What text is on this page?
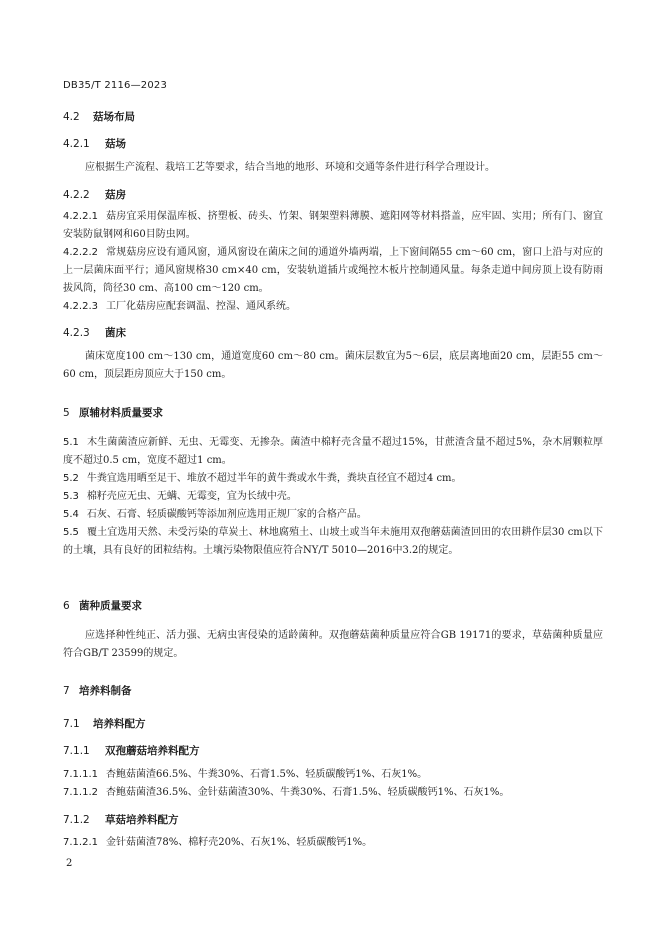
DB35/T 2116—2023
4.2 菇场布局
4.2.1 菇场
应根据生产流程、栽培工艺等要求，结合当地的地形、环境和交通等条件进行科学合理设计。
4.2.2 菇房
4.2.2.1 菇房宜采用保温库板、挤塑板、砖头、竹架、钢架塑料薄膜、遮阳网等材料搭盖，应牢固、实用；所有门、窗宜安装防鼠钢网和60目防虫网。
4.2.2.2 常规菇房应设有通风窗，通风窗设在菌床之间的通道外墙两端，上下窗间隔55 cm～60 cm，窗口上沿与对应的上一层菌床面平行；通风窗规格30 cm×40 cm，安装轨道插片或绳控木板片控制通风量。每条走道中间房顶上设有防雨拔风筒，筒径30 cm、高100 cm～120 cm。
4.2.2.3 工厂化菇房应配套调温、控湿、通风系统。
4.2.3 菌床
菌床宽度100 cm～130 cm，通道宽度60 cm～80 cm。菌床层数宜为5～6层，底层离地面20 cm，层距55 cm～60 cm，顶层距房顶应大于150 cm。
5 原辅材料质量要求
5.1 木生菌菌渣应新鲜、无虫、无霉变、无掺杂。菌渣中棉籽壳含量不超过15%，甘蔗渣含量不超过5%，杂木屑颗粒厚度不超过0.5 cm，宽度不超过1 cm。
5.2 牛粪宜选用晒至足干、堆放不超过半年的黄牛粪或水牛粪，粪块直径宜不超过4 cm。
5.3 棉籽壳应无虫、无螨、无霉变，宜为长绒中壳。
5.4 石灰、石膏、轻质碳酸钙等添加剂应选用正规厂家的合格产品。
5.5 覆土宜选用天然、未受污染的草炭土、林地腐殖土、山坡土或当年未施用双孢蘑菇菌渣回田的农田耕作层30 cm以下的土壤，具有良好的团粒结构。土壤污染物限值应符合NY/T 5010—2016中3.2的规定。
6 菌种质量要求
应选择种性纯正、活力强、无病虫害侵染的适龄菌种。双孢蘑菇菌种质量应符合GB 19171的要求，草菇菌种质量应符合GB/T 23599的规定。
7 培养料制备
7.1 培养料配方
7.1.1 双孢蘑菇培养料配方
7.1.1.1 杏鲍菇菌渣66.5%、牛粪30%、石膏1.5%、轻质碳酸钙1%、石灰1%。
7.1.1.2 杏鲍菇菌渣36.5%、金针菇菌渣30%、牛粪30%、石膏1.5%、轻质碳酸钙1%、石灰1%。
7.1.2 草菇培养料配方
7.1.2.1 金针菇菌渣78%、棉籽壳20%、石灰1%、轻质碳酸钙1%。
2
